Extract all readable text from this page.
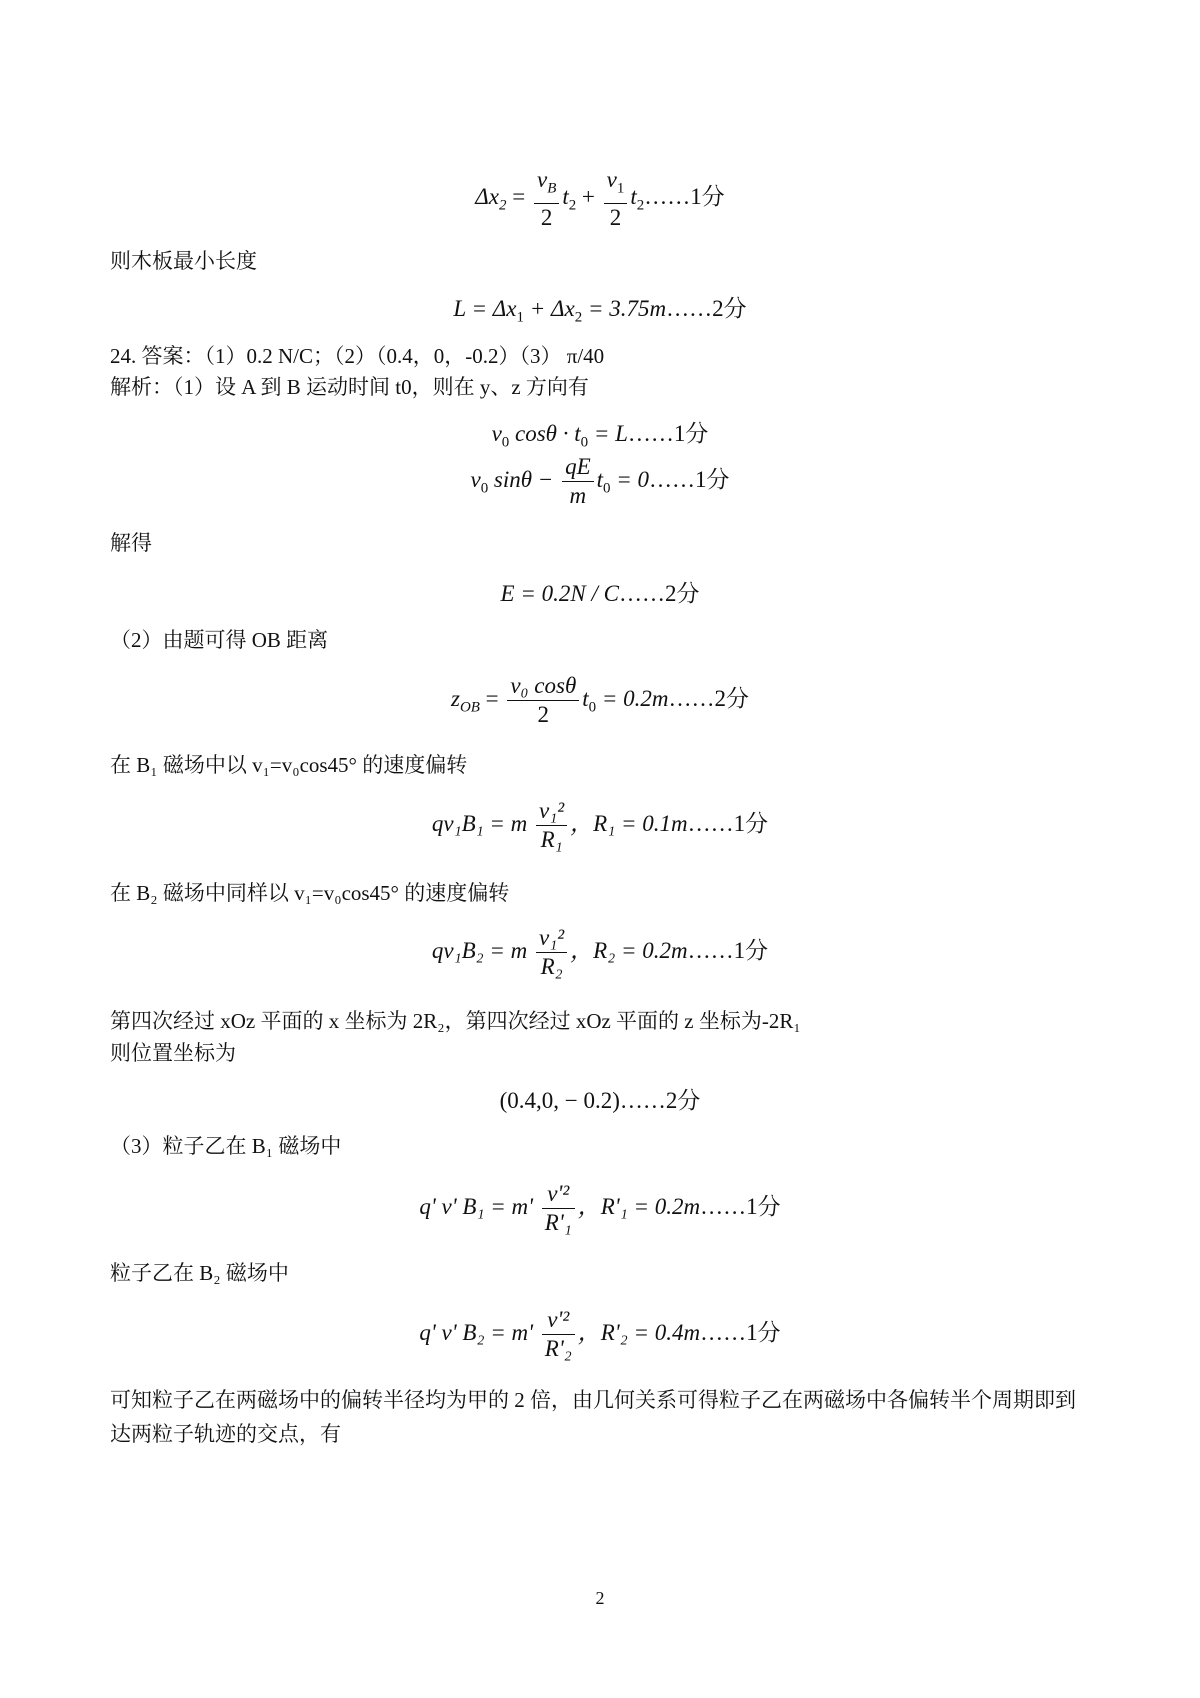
$\Delta x_2 = \frac{v_B}{2} t_2 + \frac{v_1}{2}$ $t_2\dots\dots 1$分
则木板最小长度
$L = \Delta x_1 + \Delta x_2$ = 3.75m……2分
24. 答案：（1）0.2 N/C；（2）（0.4，0，-0.2）（3） π/40
解析：（1）设 A 到 B 运动时间 t0，则在 y、z 方向有
$v_0$ $\cos\theta \cdot t_0$ = L……1分
$v_0$ $\sin\theta - \frac{qE}{m} t_0$ = 0……1分
解得
E = 0.2N / C……2分
（2）由题可得 OB 距离
$z_{OB} = \frac{\text{v₀ cosθ}}{2} t_0$ = 0.2m……2分
在 B₁ 磁场中以 v₁=v₀cos45° 的速度偏转
qv₁B₁ = m $\frac{\text{v₁²}}{\text{R₁}}$ ，R₁ = 0.1m……1分
在 B₂ 磁场中同样以 v₁=v₀cos45° 的速度偏转
qv₁B₂ = m $\frac{\text{v₁²}}{\text{R₂}}$ ，R₂ = 0.2m……1分
第四次经过 xOz 平面的 x 坐标为 2R₂，第四次经过 xOz 平面的 z 坐标为-2R₁
则位置坐标为
(0.4,0, − 0.2)……2分
（3）粒子乙在 B₁ 磁场中
q' v' $B_1 = m' \frac{\text{v'²}}{\text{R'₁}}$ ，R'₁ = 0.2m……1分
粒子乙在 B₂ 磁场中
q' v' $B_2 = m' \frac{\text{v'²}}{\text{R'₂}}$ ，R'₂ = 0.4m……1分
可知粒子乙在两磁场中的偏转半径均为甲的 2 倍，由几何关系可得粒子乙在两磁场中各偏转半个周期即到
达两粒子轨迹的交点，有
2
